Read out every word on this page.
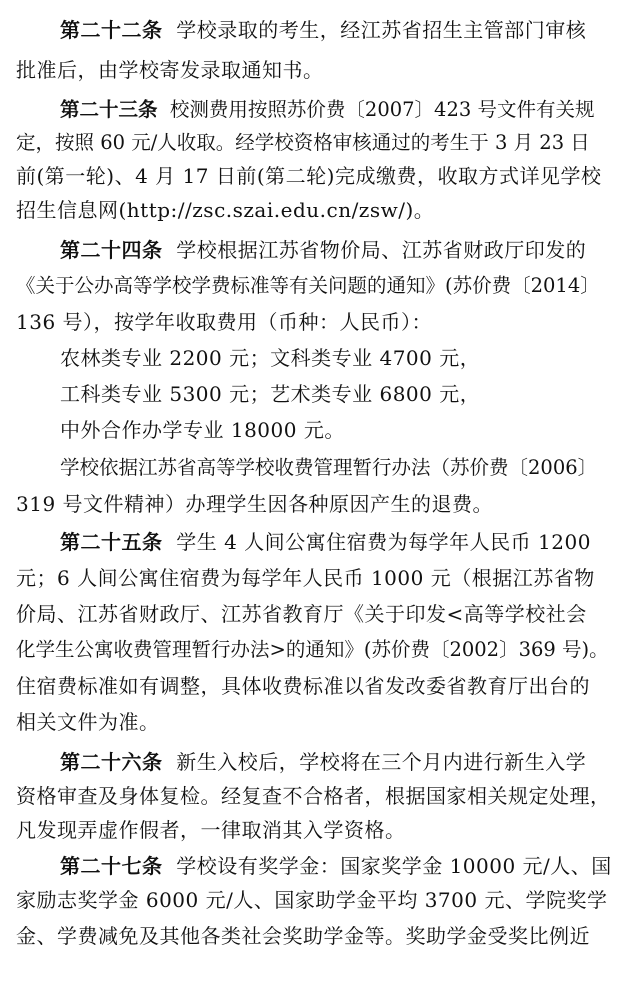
第二十二条 学校录取的考生，经江苏省招生主管部门审核
批准后，由学校寄发录取通知书。
第二十三条 校测费用按照苏价费〔2007〕423 号文件有关规
定，按照 60 元/人收取。经学校资格审核通过的考生于 3 月 23 日
前(第一轮)、4 月 17 日前(第二轮)完成缴费，收取方式详见学校
招生信息网(http://zsc.szai.edu.cn/zsw/)。
第二十四条 学校根据江苏省物价局、江苏省财政厅印发的
《关于公办高等学校学费标准等有关问题的通知》(苏价费〔2014〕
136 号），按学年收取费用（币种：人民币）：
农林类专业 2200 元；文科类专业 4700 元，
工科类专业 5300 元；艺术类专业 6800 元，
中外合作办学专业 18000 元。
学校依据江苏省高等学校收费管理暂行办法（苏价费〔2006〕
319 号文件精神）办理学生因各种原因产生的退费。
第二十五条 学生 4 人间公寓住宿费为每学年人民币 1200
元；6 人间公寓住宿费为每学年人民币 1000 元（根据江苏省物
价局、江苏省财政厅、江苏省教育厅《关于印发<高等学校社会
化学生公寓收费管理暂行办法>的通知》(苏价费〔2002〕369 号)。
住宿费标准如有调整，具体收费标准以省发改委省教育厅出台的
相关文件为准。
第二十六条 新生入校后，学校将在三个月内进行新生入学
资格审查及身体复检。经复查不合格者，根据国家相关规定处理，
凡发现弄虚作假者，一律取消其入学资格。
第二十七条 学校设有奖学金：国家奖学金 10000 元/人、国
家励志奖学金 6000 元/人、国家助学金平均 3700 元、学院奖学
金、学费减免及其他各类社会奖助学金等。奖助学金受奖比例近
